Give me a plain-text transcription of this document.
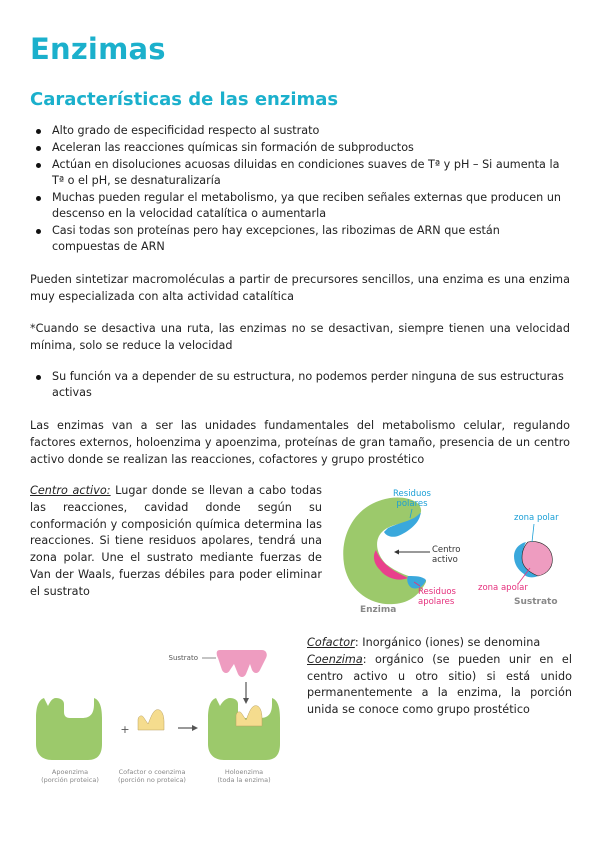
Enzimas
Características de las enzimas
Alto grado de especificidad respecto al sustrato
Aceleran las reacciones químicas sin formación de subproductos
Actúan en disoluciones acuosas diluidas en condiciones suaves de Tª y pH – Si aumenta la Tª o el pH, se desnaturalizaría
Muchas pueden regular el metabolismo, ya que reciben señales externas que producen un descenso en la velocidad catalítica o aumentarla
Casi todas son proteínas pero hay excepciones, las ribozimas de ARN que están compuestas de ARN
Pueden sintetizar macromoléculas a partir de precursores sencillos, una enzima es una enzima muy especializada con alta actividad catalítica
*Cuando se desactiva una ruta, las enzimas no se desactivan, siempre tienen una velocidad mínima, solo se reduce la velocidad
Su función va a depender de su estructura, no podemos perder ninguna de sus estructuras activas
Las enzimas van a ser las unidades fundamentales del metabolismo celular, regulando factores externos, holoenzima y apoenzima, proteínas de gran tamaño, presencia de un centro activo donde se realizan las reacciones, cofactores y grupo prostético
Centro activo: Lugar donde se llevan a cabo todas las reacciones, cavidad donde según su conformación y composición química determina las reacciones. Si tiene residuos apolares, tendrá una zona polar. Une el sustrato mediante fuerzas de Van der Waals, fuerzas débiles para poder eliminar el sustrato
Residuos
polares
Centro
activo
Residuos
apolares
Enzima
zona polar
zona apolar
Sustrato
+
Sustrato
Apoenzima
(porción proteica)
Cofactor o coenzima
(porción no proteica)
Holoenzima
(toda la enzima)
Cofactor: Inorgánico (iones) se denomina
Coenzima: orgánico (se pueden unir en el centro activo u otro sitio) si está unido permanentemente a la enzima, la porción unida se conoce como grupo prostético
